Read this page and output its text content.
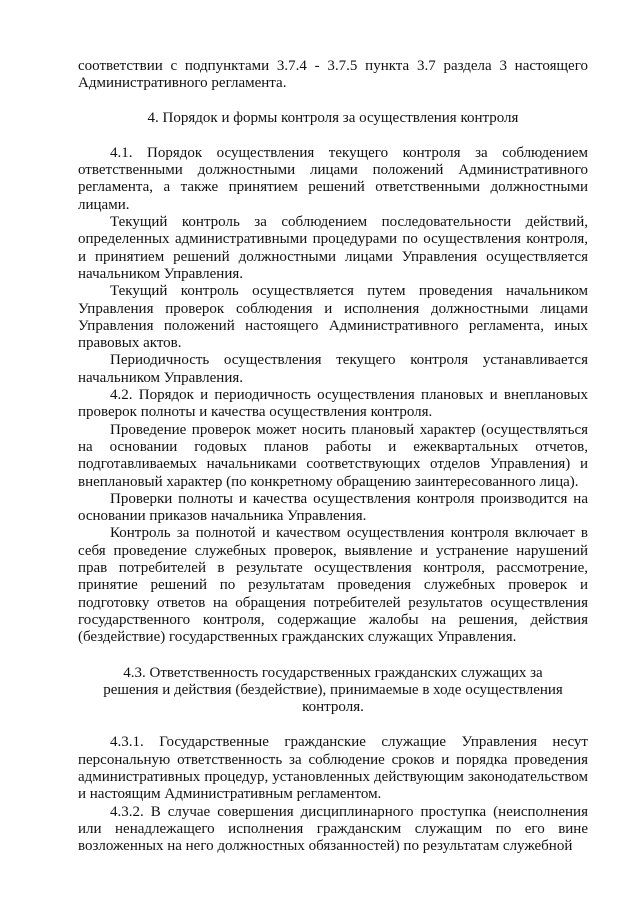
соответствии с подпунктами 3.7.4 - 3.7.5 пункта 3.7 раздела 3 настоящего Административного регламента.

4. Порядок и формы контроля за осуществления контроля

4.1. Порядок осуществления текущего контроля за соблюдением ответственными должностными лицами положений Административного регламента, а также принятием решений ответственными должностными лицами.

Текущий контроль за соблюдением последовательности действий, определенных административными процедурами по осуществления контроля, и принятием решений должностными лицами Управления осуществляется начальником Управления.

Текущий контроль осуществляется путем проведения начальником Управления проверок соблюдения и исполнения должностными лицами Управления положений настоящего Административного регламента, иных правовых актов.

Периодичность осуществления текущего контроля устанавливается начальником Управления.

4.2. Порядок и периодичность осуществления плановых и внеплановых проверок полноты и качества осуществления контроля.

Проведение проверок может носить плановый характер (осуществляться на основании годовых планов работы и ежеквартальных отчетов, подготавливаемых начальниками соответствующих отделов Управления) и внеплановый характер (по конкретному обращению заинтересованного лица).

Проверки полноты и качества осуществления контроля производится на основании приказов начальника Управления.

Контроль за полнотой и качеством осуществления контроля включает в себя проведение служебных проверок, выявление и устранение нарушений прав потребителей в результате осуществления контроля, рассмотрение, принятие решений по результатам проведения служебных проверок и подготовку ответов на обращения потребителей результатов осуществления государственного контроля, содержащие жалобы на решения, действия (бездействие) государственных гражданских служащих Управления.

4.3. Ответственность государственных гражданских служащих за решения и действия (бездействие), принимаемые в ходе осуществления контроля.

4.3.1. Государственные гражданские служащие Управления несут персональную ответственность за соблюдение сроков и порядка проведения административных процедур, установленных действующим законодательством и настоящим Административным регламентом.

4.3.2. В случае совершения дисциплинарного проступка (неисполнения или ненадлежащего исполнения гражданским служащим по его вине возложенных на него должностных обязанностей) по результатам служебной
